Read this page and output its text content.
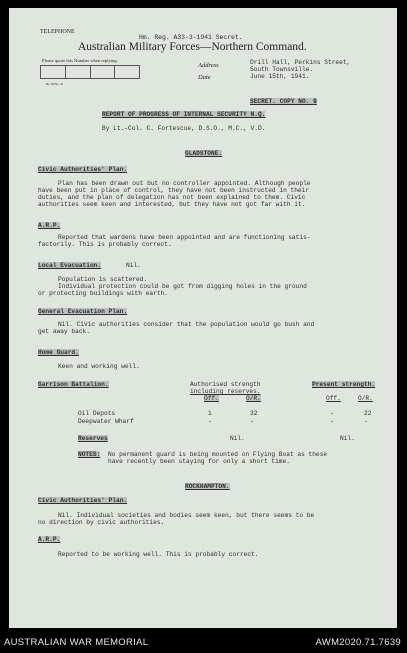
TELEPHONE
Hm. Reg. A33-3-1941 Secret.
Australian Military Forces—Northern Command.
Please quote this Number when replying.
Br 5679—8
Address	Drill Hall, Perkins Street,
South Townsville.
Date	June 15th, 1941.
SECRET. COPY NO. 9
REPORT OF PROGRESS OF INTERNAL SECURITY N.Q.
By Lt.-Col. C. Fortescue, D.S.O., M.C., V.D.
GLADSTONE.
Civic Authorities' Plan.
Plan has been drawn out but no controller appointed. Although people
have been put in place of control, they have not been instructed in their
duties, and the plan of delegation has not been explained to them. Civic
authorities seem keen and interested, but they have not got far with it.
A.R.P.
Reported that wardens have been appointed and are functioning satis-
factorily. This is probably correct.
Local Evacuation.	Nil.
Population is scattered.
Individual protection could be got from digging holes in the ground
or protecting buildings with earth.
General Evacuation Plan.
Nil. Civic authorities consider that the population would go bush and
get away back.
Home Guard.
Keen and working well.
Garrison Battalion.	Authorised strength
including reserves.
Present strength.
Off.	O/R.	Off.	O/R.
Oil Depots	1	32	-	22
Deepwater Wharf	-	-	-	-
Reserves	Nil.	Nil.
NOTES: No permanent guard is being mounted on Flying Boat as these
have recently been staying for only a short time.
ROCKHAMPTON.
Civic Authorities' Plan.
Nil. Individual societies and bodies seem keen, but there seems to be
no direction by civic authorities.
A.R.P.
Reported to be working well. This is probably correct.
AUSTRALIAN WAR MEMORIAL	AWM2020.71.7639
